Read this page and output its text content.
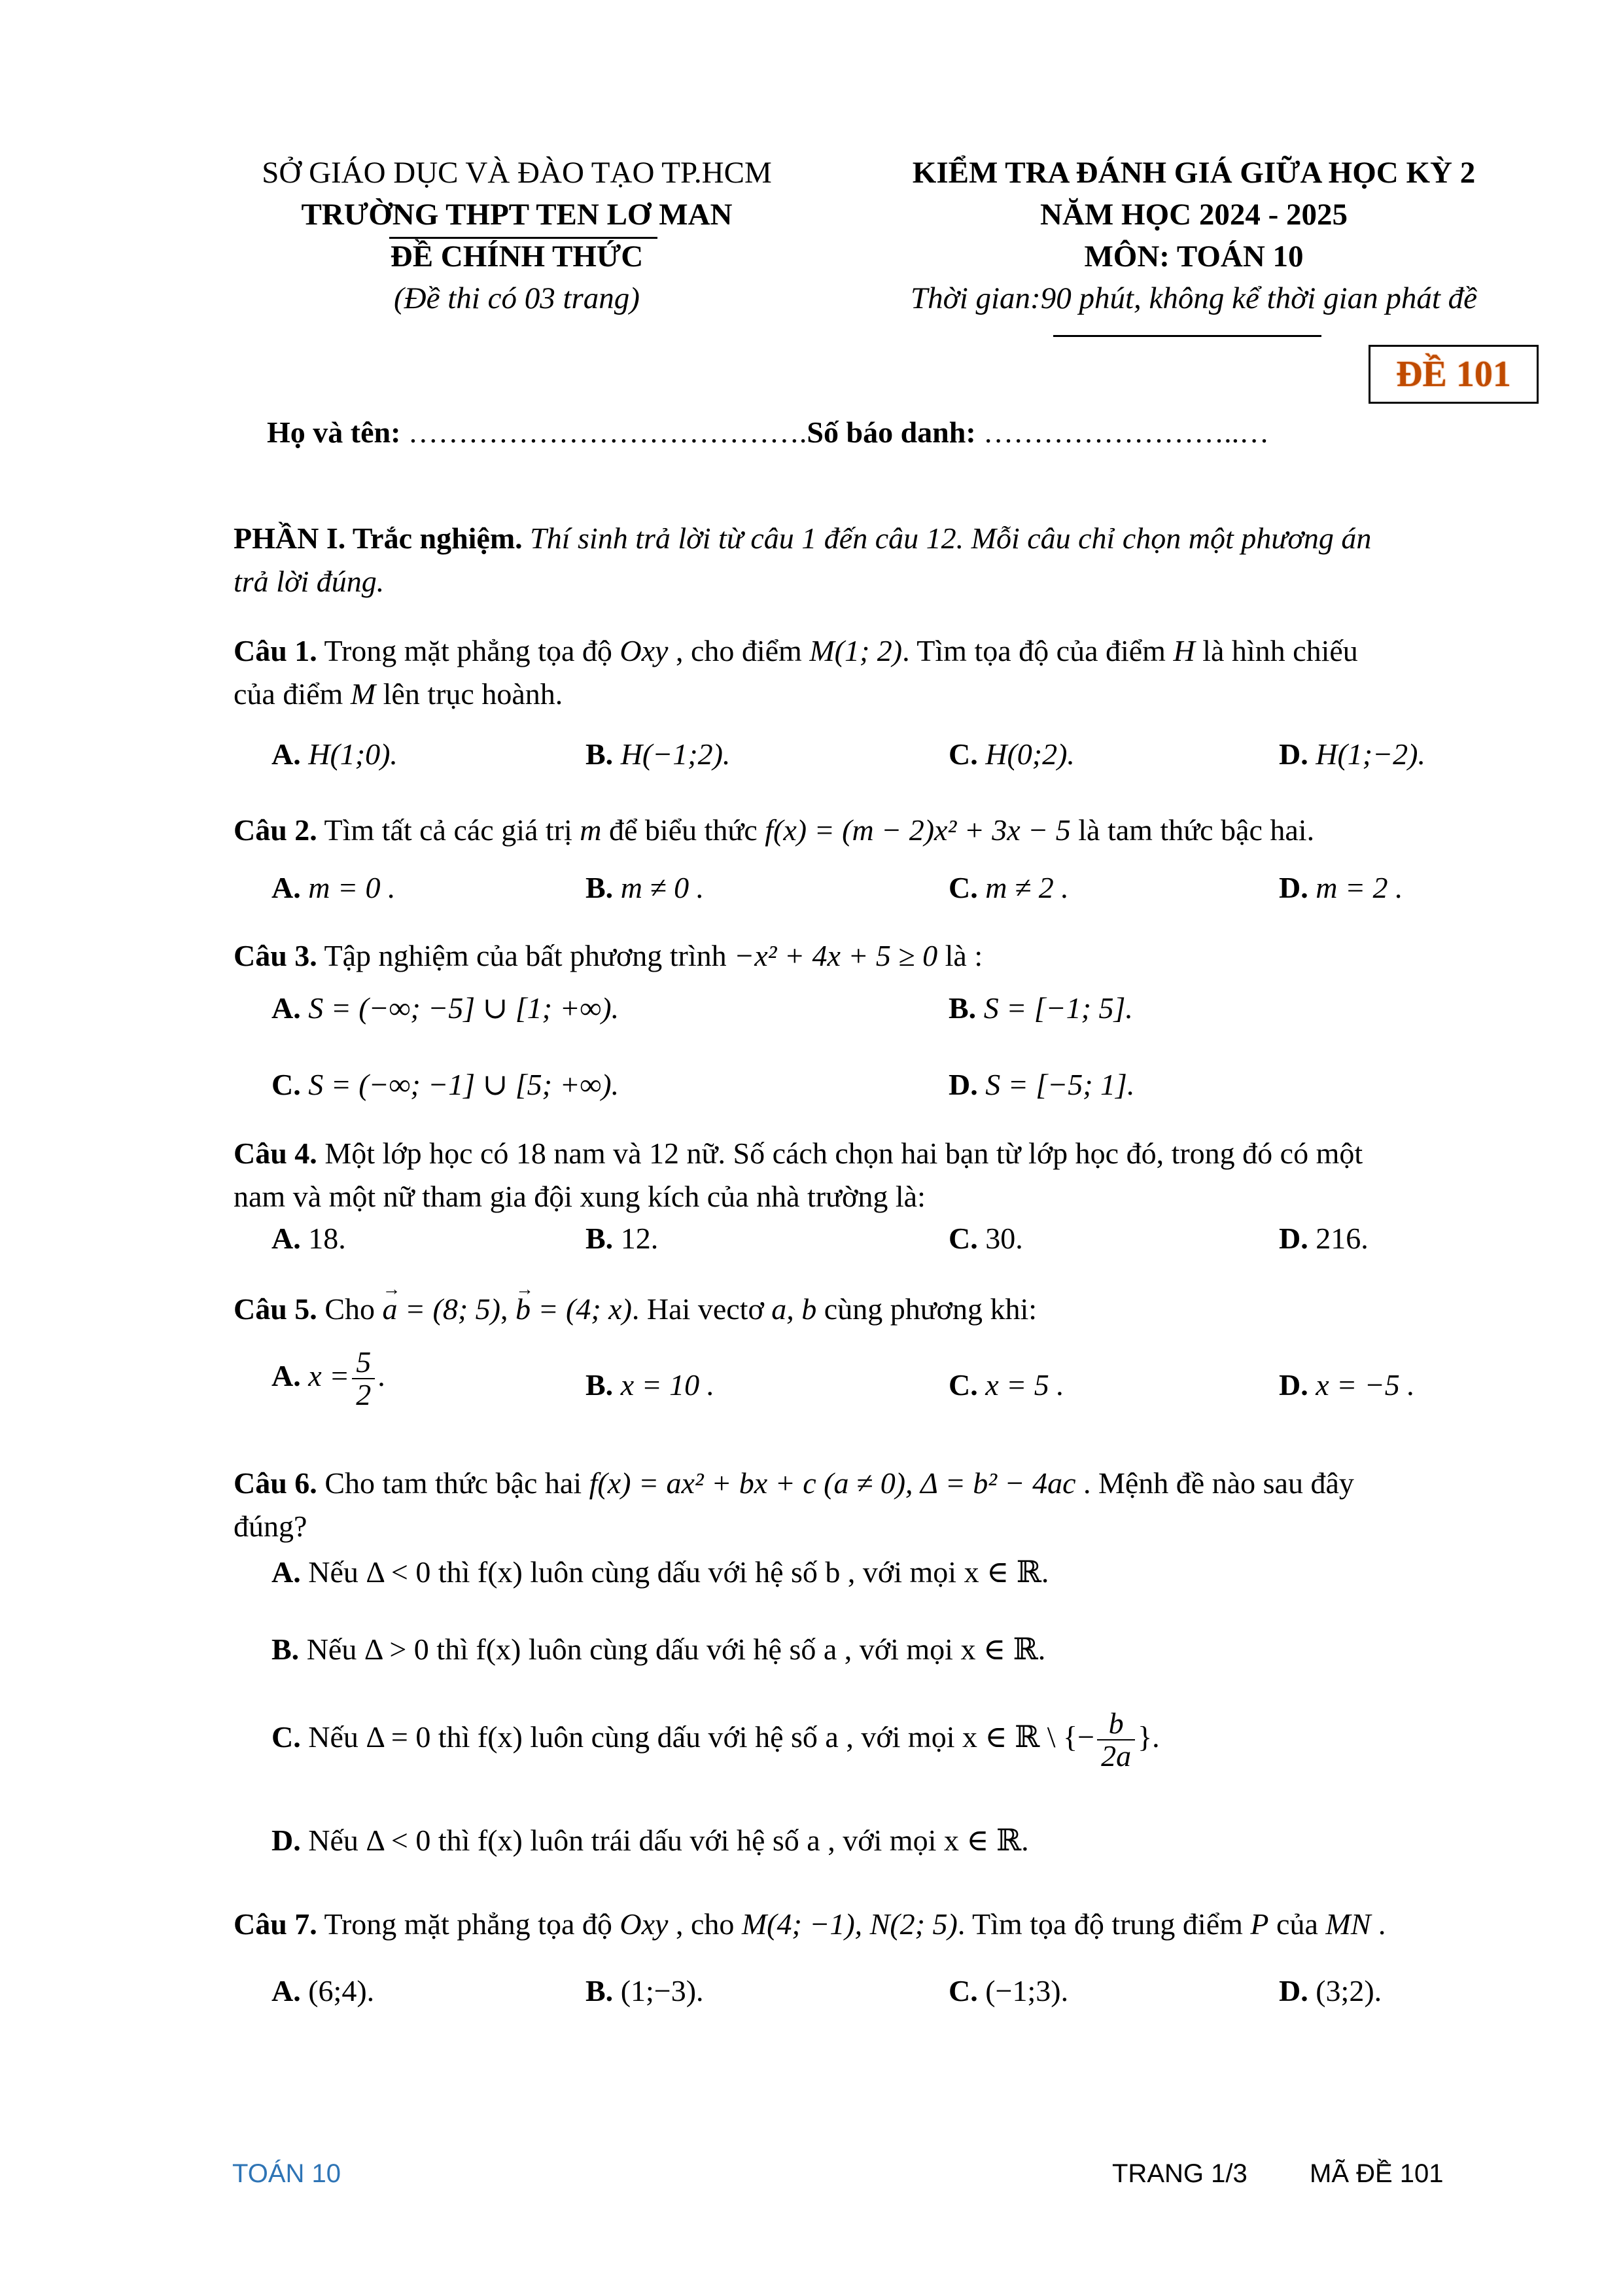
SỞ GIÁO DỤC VÀ ĐÀO TẠO TP.HCM
TRƯỜNG THPT TEN LƠ MAN
ĐỀ CHÍNH THỨC
(Đề thi có 03 trang)
KIỂM TRA ĐÁNH GIÁ GIỮA HỌC KỲ 2
NĂM HỌC 2024 - 2025
MÔN: TOÁN 10
Thời gian:90 phút, không kể thời gian phát đề
ĐỀ 101
Họ và tên: ………………………………….Số báo danh: ……………………..…
PHẦN I. Trắc nghiệm. Thí sinh trả lời từ câu 1 đến câu 12. Mỗi câu chỉ chọn một phương án
trả lời đúng.
Câu 1. Trong mặt phẳng tọa độ Oxy , cho điểm M(1; 2). Tìm tọa độ của điểm H là hình chiếu
của điểm M lên trục hoành.
A. H(1;0).	B. H(−1;2).	C. H(0;2).	D. H(1;−2).
Câu 2. Tìm tất cả các giá trị m để biểu thức f(x) = (m − 2)x² + 3x − 5 là tam thức bậc hai.
A. m = 0 .	B. m ≠ 0 .	C. m ≠ 2 .	D. m = 2 .
Câu 3. Tập nghiệm của bất phương trình −x² + 4x + 5 ≥ 0 là :
A. S = (−∞; −5] ∪ [1; +∞).	B. S = [−1; 5].
C. S = (−∞; −1] ∪ [5; +∞).	D. S = [−5; 1].
Câu 4. Một lớp học có 18 nam và 12 nữ. Số cách chọn hai bạn từ lớp học đó, trong đó có một
nam và một nữ tham gia đội xung kích của nhà trường là:
A. 18.	B. 12.	C. 30.	D. 216.
Câu 5. Cho → a = (8; 5), → b = (4; x). Hai vectơ a, b cùng phương khi:
A. $x = \frac{5}{2}$ .	B. x = 10 .	C. x = 5 .	D. x = −5 .
Câu 6. Cho tam thức bậc hai f(x) = ax² + bx + c (a ≠ 0), Δ = b² − 4ac . Mệnh đề nào sau đây
đúng?
A. Nếu Δ < 0 thì f(x) luôn cùng dấu với hệ số b , với mọi x ∈ ℝ.
B. Nếu Δ > 0 thì f(x) luôn cùng dấu với hệ số a , với mọi x ∈ ℝ.
C. Nếu Δ = 0 thì f(x) luôn cùng dấu với hệ số a , với mọi x ∈ ℝ \ {− $\frac{b}{2a}$ }.
D. Nếu Δ < 0 thì f(x) luôn trái dấu với hệ số a , với mọi x ∈ ℝ.
Câu 7. Trong mặt phẳng tọa độ Oxy , cho M(4; −1), N(2; 5). Tìm tọa độ trung điểm P của MN .
A. (6;4).	B. (1;−3).	C. (−1;3).	D. (3;2).
TOÁN 10	TRANG 1/3 MÃ ĐỀ 101
